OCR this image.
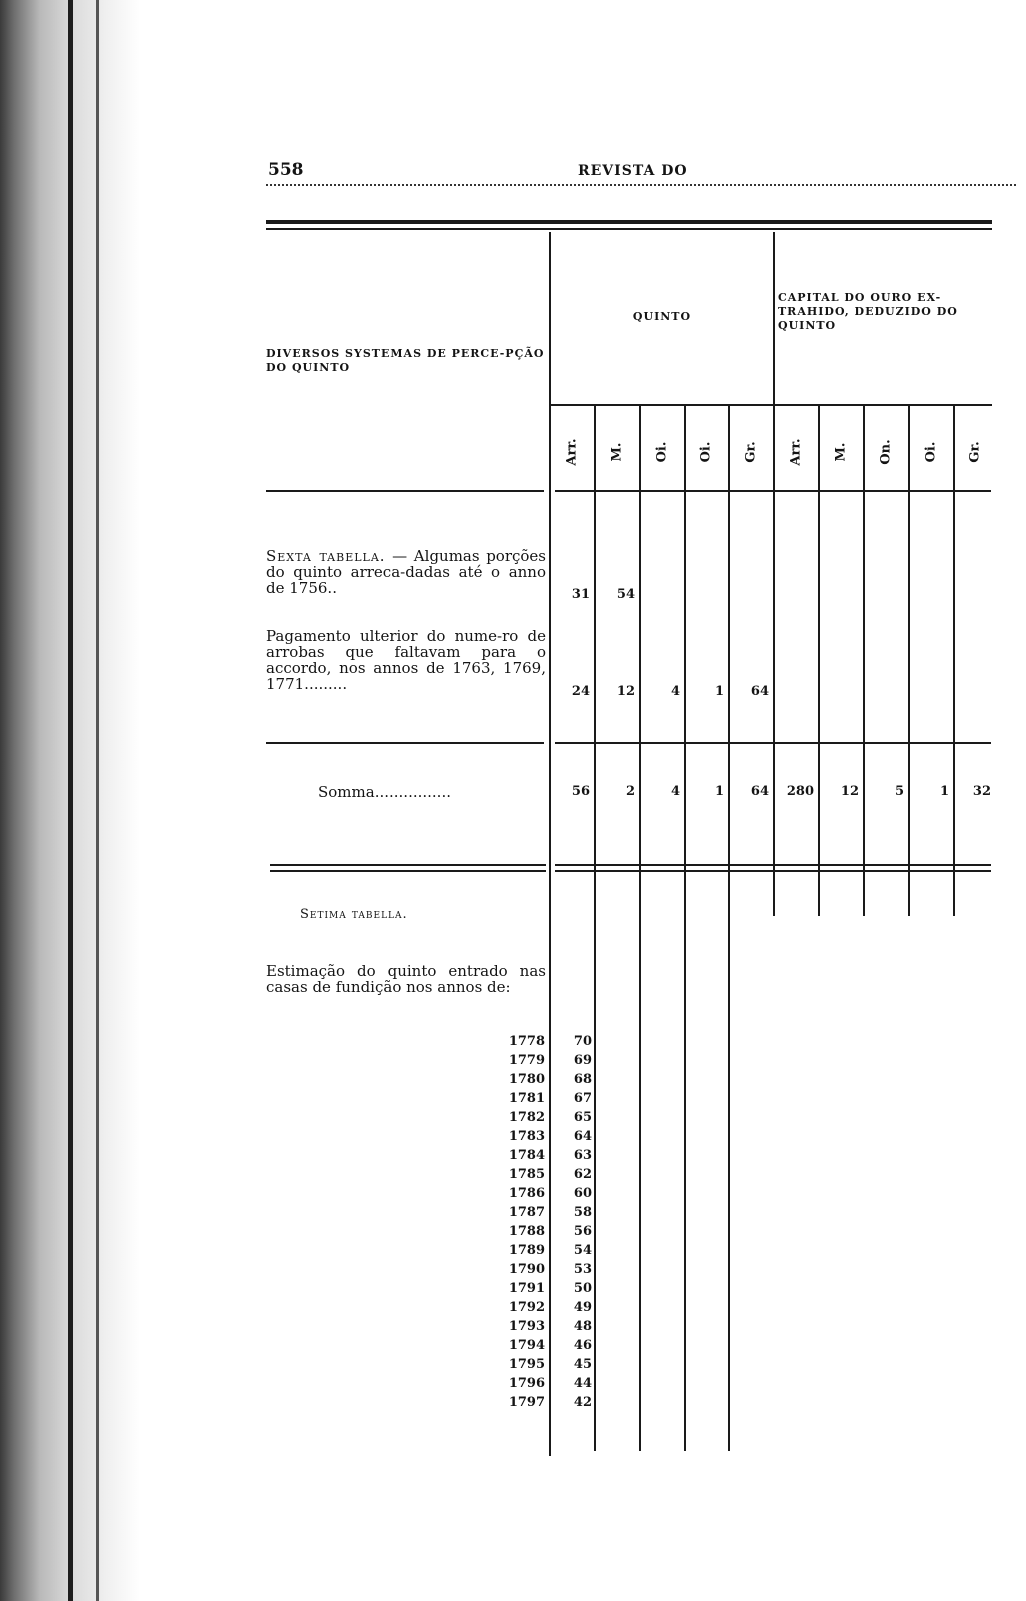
558	REVISTA DO
DIVERSOS SYSTEMAS DE PERCE-PÇÃO DO QUINTO
QUINTO
CAPITAL DO OURO EX-TRAHIDO, DEDUZIDO DO QUINTO
Arr. M. Oi. Oi. Gr. Arr. M. On. Oi. Gr.
Sexta tabella. — Algumas porções do quinto arreca-dadas até o anno de 1756..	31	54
Pagamento ulterior do nume-ro de arrobas que faltavam para o accordo, nos annos de 1763, 1769, 1771.........	24	12	4	1	64
Somma................	56	2	4	1	64	280	12	5	1	32
Setima tabella.
Estimação do quinto entrado nas casas de fundição nos annos de:
1778	70
1779	69
1780	68
1781	67
1782	65
1783	64
1784	63
1785	62
1786	60
1787	58
1788	56
1789	54
1790	53
1791	50
1792	49
1793	48
1794	46
1795	45
1796	44
1797	42
